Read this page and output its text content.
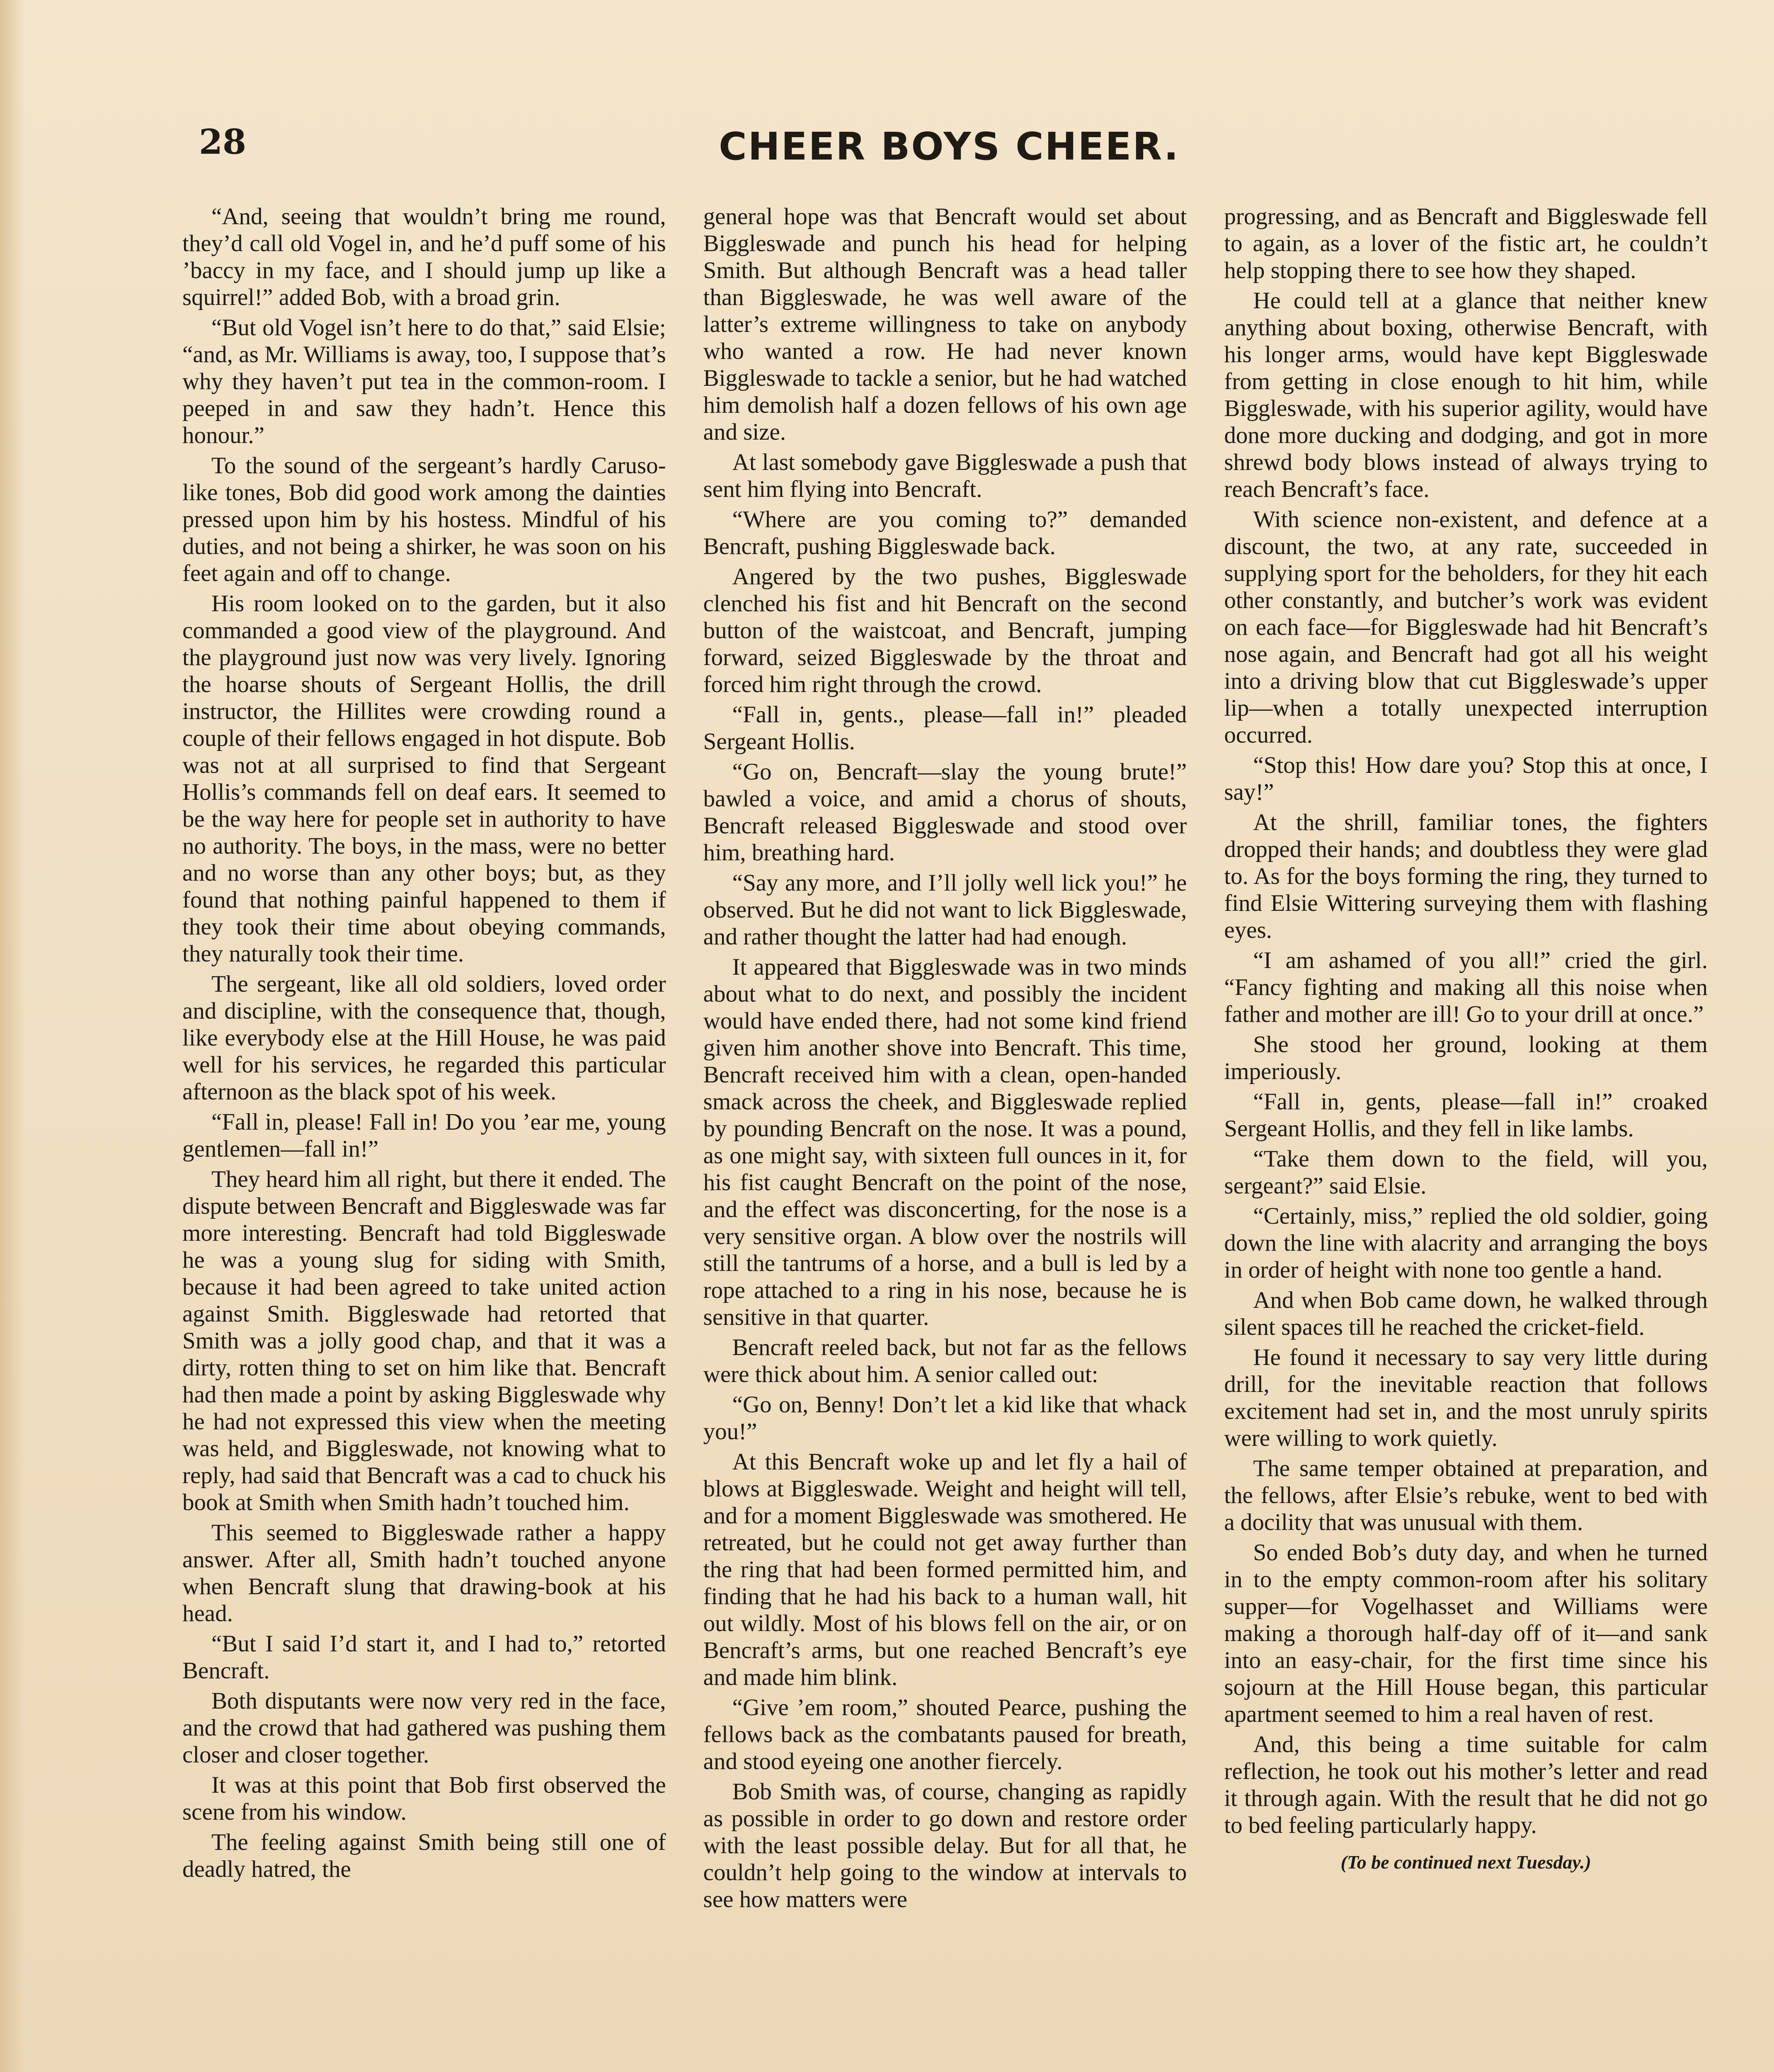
28	CHEER BOYS CHEER.

“And, seeing that wouldn’t bring me round, they’d call old Vogel in, and he’d puff some of his ’baccy in my face, and I should jump up like a squirrel!” added Bob, with a broad grin.

“But old Vogel isn’t here to do that,” said Elsie; “and, as Mr. Williams is away, too, I suppose that’s why they haven’t put tea in the common-room. I peeped in and saw they hadn’t. Hence this honour.”

To the sound of the sergeant’s hardly Caruso-like tones, Bob did good work among the dainties pressed upon him by his hostess. Mindful of his duties, and not being a shirker, he was soon on his feet again and off to change.

His room looked on to the garden, but it also commanded a good view of the playground. And the playground just now was very lively. Ignoring the hoarse shouts of Sergeant Hollis, the drill instructor, the Hillites were crowding round a couple of their fellows engaged in hot dispute. Bob was not at all surprised to find that Sergeant Hollis’s commands fell on deaf ears. It seemed to be the way here for people set in authority to have no authority. The boys, in the mass, were no better and no worse than any other boys; but, as they found that nothing painful happened to them if they took their time about obeying commands, they naturally took their time.

The sergeant, like all old soldiers, loved order and discipline, with the consequence that, though, like everybody else at the Hill House, he was paid well for his services, he regarded this particular afternoon as the black spot of his week.

“Fall in, please! Fall in! Do you ’ear me, young gentlemen—fall in!”

They heard him all right, but there it ended. The dispute between Bencraft and Biggleswade was far more interesting. Bencraft had told Biggleswade he was a young slug for siding with Smith, because it had been agreed to take united action against Smith. Biggleswade had retorted that Smith was a jolly good chap, and that it was a dirty, rotten thing to set on him like that. Bencraft had then made a point by asking Biggleswade why he had not expressed this view when the meeting was held, and Biggleswade, not knowing what to reply, had said that Bencraft was a cad to chuck his book at Smith when Smith hadn’t touched him.

This seemed to Biggleswade rather a happy answer. After all, Smith hadn’t touched anyone when Bencraft slung that drawing-book at his head.

“But I said I’d start it, and I had to,” retorted Bencraft.

Both disputants were now very red in the face, and the crowd that had gathered was pushing them closer and closer together.

It was at this point that Bob first observed the scene from his window.

The feeling against Smith being still one of deadly hatred, the

general hope was that Bencraft would set about Biggleswade and punch his head for helping Smith. But although Bencraft was a head taller than Biggleswade, he was well aware of the latter’s extreme willingness to take on anybody who wanted a row. He had never known Biggleswade to tackle a senior, but he had watched him demolish half a dozen fellows of his own age and size.

At last somebody gave Biggleswade a push that sent him flying into Bencraft.

“Where are you coming to?” demanded Bencraft, pushing Biggleswade back.

Angered by the two pushes, Biggleswade clenched his fist and hit Bencraft on the second button of the waistcoat, and Bencraft, jumping forward, seized Biggleswade by the throat and forced him right through the crowd.

“Fall in, gents., please—fall in!” pleaded Sergeant Hollis.

“Go on, Bencraft—slay the young brute!” bawled a voice, and amid a chorus of shouts, Bencraft released Biggleswade and stood over him, breathing hard.

“Say any more, and I’ll jolly well lick you!” he observed. But he did not want to lick Biggleswade, and rather thought the latter had had enough.

It appeared that Biggleswade was in two minds about what to do next, and possibly the incident would have ended there, had not some kind friend given him another shove into Bencraft. This time, Bencraft received him with a clean, open-handed smack across the cheek, and Biggleswade replied by pounding Bencraft on the nose. It was a pound, as one might say, with sixteen full ounces in it, for his fist caught Bencraft on the point of the nose, and the effect was disconcerting, for the nose is a very sensitive organ. A blow over the nostrils will still the tantrums of a horse, and a bull is led by a rope attached to a ring in his nose, because he is sensitive in that quarter.

Bencraft reeled back, but not far as the fellows were thick about him. A senior called out:

“Go on, Benny! Don’t let a kid like that whack you!”

At this Bencraft woke up and let fly a hail of blows at Biggleswade. Weight and height will tell, and for a moment Biggleswade was smothered. He retreated, but he could not get away further than the ring that had been formed permitted him, and finding that he had his back to a human wall, hit out wildly. Most of his blows fell on the air, or on Bencraft’s arms, but one reached Bencraft’s eye and made him blink.

“Give ’em room,” shouted Pearce, pushing the fellows back as the combatants paused for breath, and stood eyeing one another fiercely.

Bob Smith was, of course, changing as rapidly as possible in order to go down and restore order with the least possible delay. But for all that, he couldn’t help going to the window at intervals to see how matters were

progressing, and as Bencraft and Biggleswade fell to again, as a lover of the fistic art, he couldn’t help stopping there to see how they shaped.

He could tell at a glance that neither knew anything about boxing, otherwise Bencraft, with his longer arms, would have kept Biggleswade from getting in close enough to hit him, while Biggleswade, with his superior agility, would have done more ducking and dodging, and got in more shrewd body blows instead of always trying to reach Bencraft’s face.

With science non-existent, and defence at a discount, the two, at any rate, succeeded in supplying sport for the beholders, for they hit each other constantly, and butcher’s work was evident on each face—for Biggleswade had hit Bencraft’s nose again, and Bencraft had got all his weight into a driving blow that cut Biggleswade’s upper lip—when a totally unexpected interruption occurred.

“Stop this! How dare you? Stop this at once, I say!”

At the shrill, familiar tones, the fighters dropped their hands; and doubtless they were glad to. As for the boys forming the ring, they turned to find Elsie Wittering surveying them with flashing eyes.

“I am ashamed of you all!” cried the girl. “Fancy fighting and making all this noise when father and mother are ill! Go to your drill at once.”

She stood her ground, looking at them imperiously.

“Fall in, gents, please—fall in!” croaked Sergeant Hollis, and they fell in like lambs.

“Take them down to the field, will you, sergeant?” said Elsie.

“Certainly, miss,” replied the old soldier, going down the line with alacrity and arranging the boys in order of height with none too gentle a hand.

And when Bob came down, he walked through silent spaces till he reached the cricket-field.

He found it necessary to say very little during drill, for the inevitable reaction that follows excitement had set in, and the most unruly spirits were willing to work quietly.

The same temper obtained at preparation, and the fellows, after Elsie’s rebuke, went to bed with a docility that was unusual with them.

So ended Bob’s duty day, and when he turned in to the empty common-room after his solitary supper—for Vogelhasset and Williams were making a thorough half-day off of it—and sank into an easy-chair, for the first time since his sojourn at the Hill House began, this particular apartment seemed to him a real haven of rest.

And, this being a time suitable for calm reflection, he took out his mother’s letter and read it through again. With the result that he did not go to bed feeling particularly happy.

(To be continued next Tuesday.)
